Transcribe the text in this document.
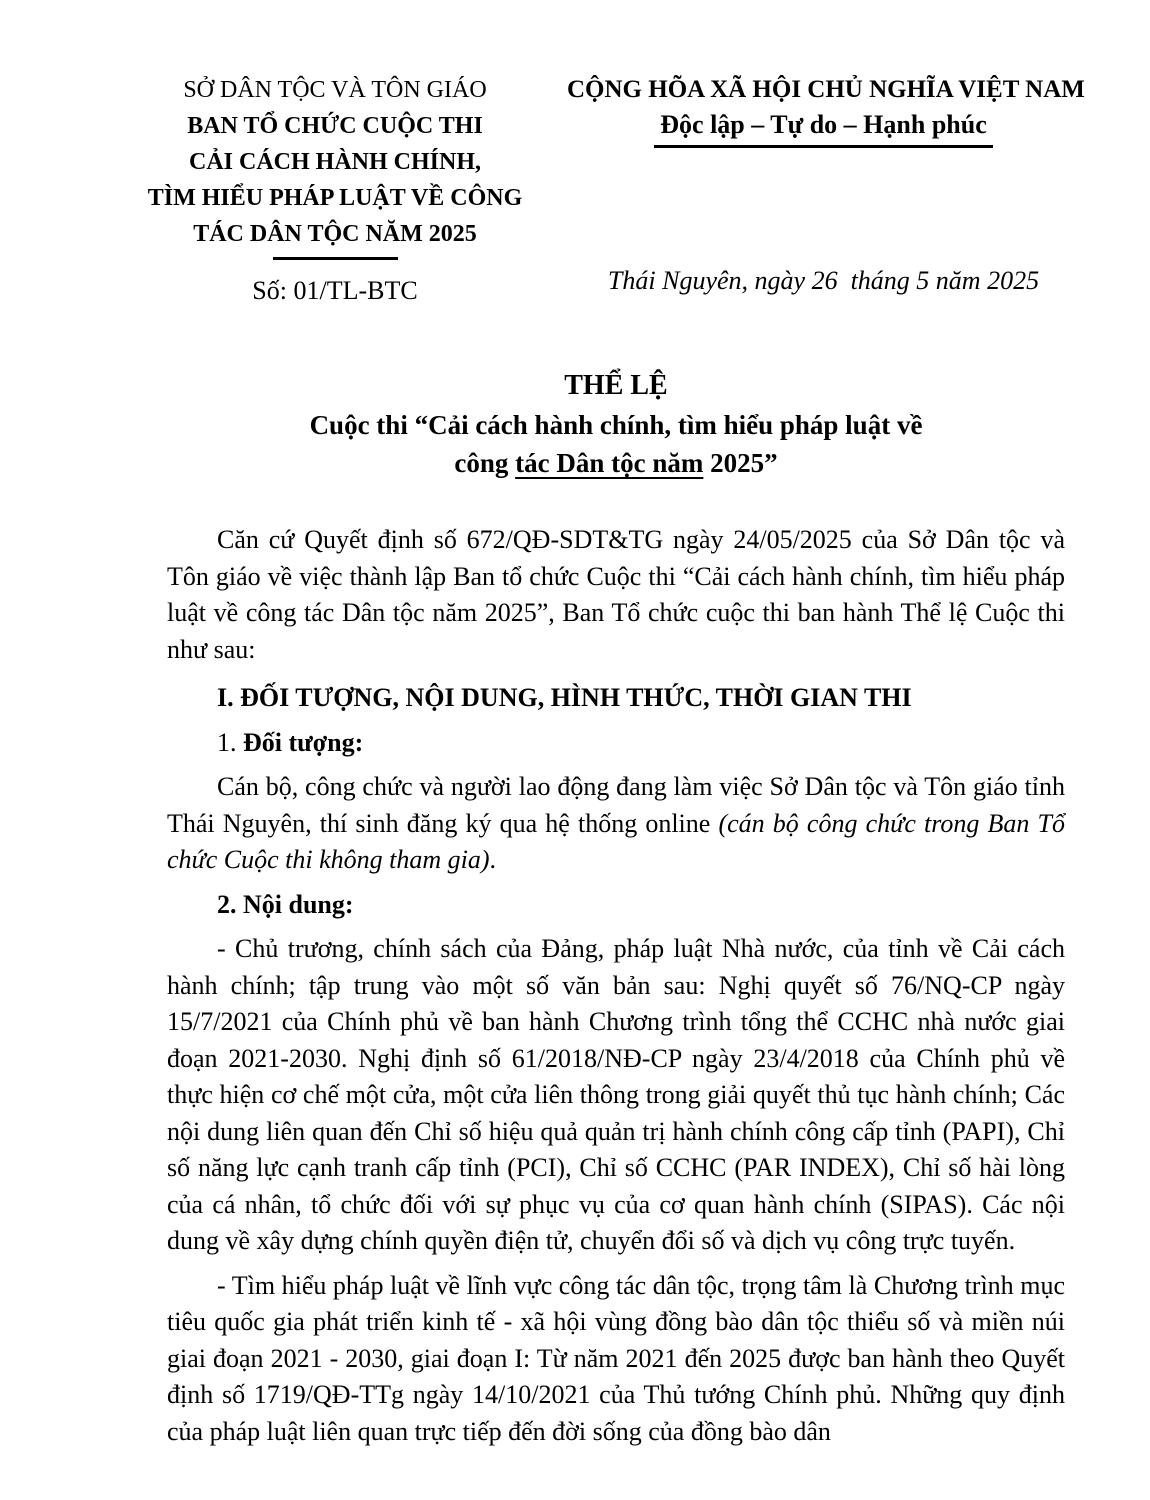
SỞ DÂN TỘC VÀ TÔN GIÁO
BAN TỔ CHỨC CUỘC THI
CẢI CÁCH HÀNH CHÍNH,
TÌM HIỂU PHÁP LUẬT VỀ CÔNG
TÁC DÂN TỘC NĂM 2025
Số: 01/TL-BTC
CỘNG HÕA XÃ HỘI CHỦ NGHĨA VIỆT NAM
Độc lập – Tự do – Hạnh phúc
Thái Nguyên, ngày 26  tháng 5 năm 2025
THỂ LỆ
Cuộc thi “Cải cách hành chính, tìm hiểu pháp luật về
công tác Dân tộc năm 2025”

Căn cứ Quyết định số 672/QĐ-SDT&TG ngày 24/05/2025 của Sở Dân tộc và Tôn giáo về việc thành lập Ban tổ chức Cuộc thi “Cải cách hành chính, tìm hiểu pháp luật về công tác Dân tộc năm 2025”, Ban Tổ chức cuộc thi ban hành Thể lệ Cuộc thi như sau:

I. ĐỐI TƯỢNG, NỘI DUNG, HÌNH THỨC, THỜI GIAN THI

1. Đối tượng:

Cán bộ, công chức và người lao động đang làm việc Sở Dân tộc và Tôn giáo tỉnh Thái Nguyên, thí sinh đăng ký qua hệ thống online (cán bộ công chức trong Ban Tổ chức Cuộc thi không tham gia).

2. Nội dung:

- Chủ trương, chính sách của Đảng, pháp luật Nhà nước, của tỉnh về Cải cách hành chính; tập trung vào một số văn bản sau: Nghị quyết số 76/NQ-CP ngày 15/7/2021 của Chính phủ về ban hành Chương trình tổng thể CCHC nhà nước giai đoạn 2021-2030. Nghị định số 61/2018/NĐ-CP ngày 23/4/2018 của Chính phủ về thực hiện cơ chế một cửa, một cửa liên thông trong giải quyết thủ tục hành chính; Các nội dung liên quan đến Chỉ số hiệu quả quản trị hành chính công cấp tỉnh (PAPI), Chỉ số năng lực cạnh tranh cấp tỉnh (PCI), Chỉ số CCHC (PAR INDEX), Chỉ số hài lòng của cá nhân, tổ chức đối với sự phục vụ của cơ quan hành chính (SIPAS). Các nội dung về xây dựng chính quyền điện tử, chuyển đổi số và dịch vụ công trực tuyến.

- Tìm hiểu pháp luật về lĩnh vực công tác dân tộc, trọng tâm là Chương trình mục tiêu quốc gia phát triển kinh tế - xã hội vùng đồng bào dân tộc thiểu số và miền núi giai đoạn 2021 - 2030, giai đoạn I: Từ năm 2021 đến 2025 được ban hành theo Quyết định số 1719/QĐ-TTg ngày 14/10/2021 của Thủ tướng Chính phủ. Những quy định của pháp luật liên quan trực tiếp đến đời sống của đồng bào dân
